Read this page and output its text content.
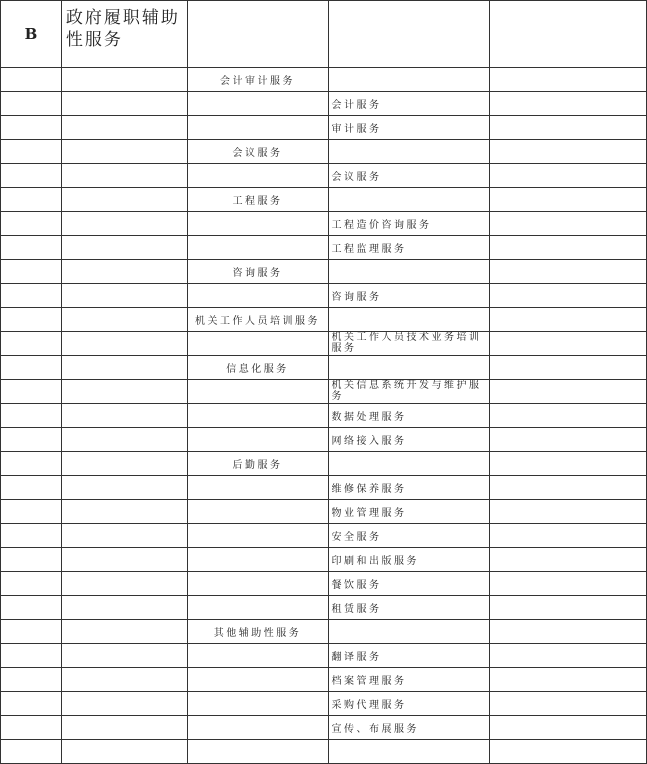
B	政府履职辅助性服务			
		会计审计服务		
			会计服务	
			审计服务	
		会议服务		
			会议服务	
		工程服务		
			工程造价咨询服务	
			工程监理服务	
		咨询服务		
			咨询服务	
		机关工作人员培训服务		
			机关工作人员技术业务培训服务	
		信息化服务		
			机关信息系统开发与维护服务	
			数据处理服务	
			网络接入服务	
		后勤服务		
			维修保养服务	
			物业管理服务	
			安全服务	
			印刷和出版服务	
			餐饮服务	
			租赁服务	
		其他辅助性服务		
			翻译服务	
			档案管理服务	
			采购代理服务	
			宣传、布展服务	
